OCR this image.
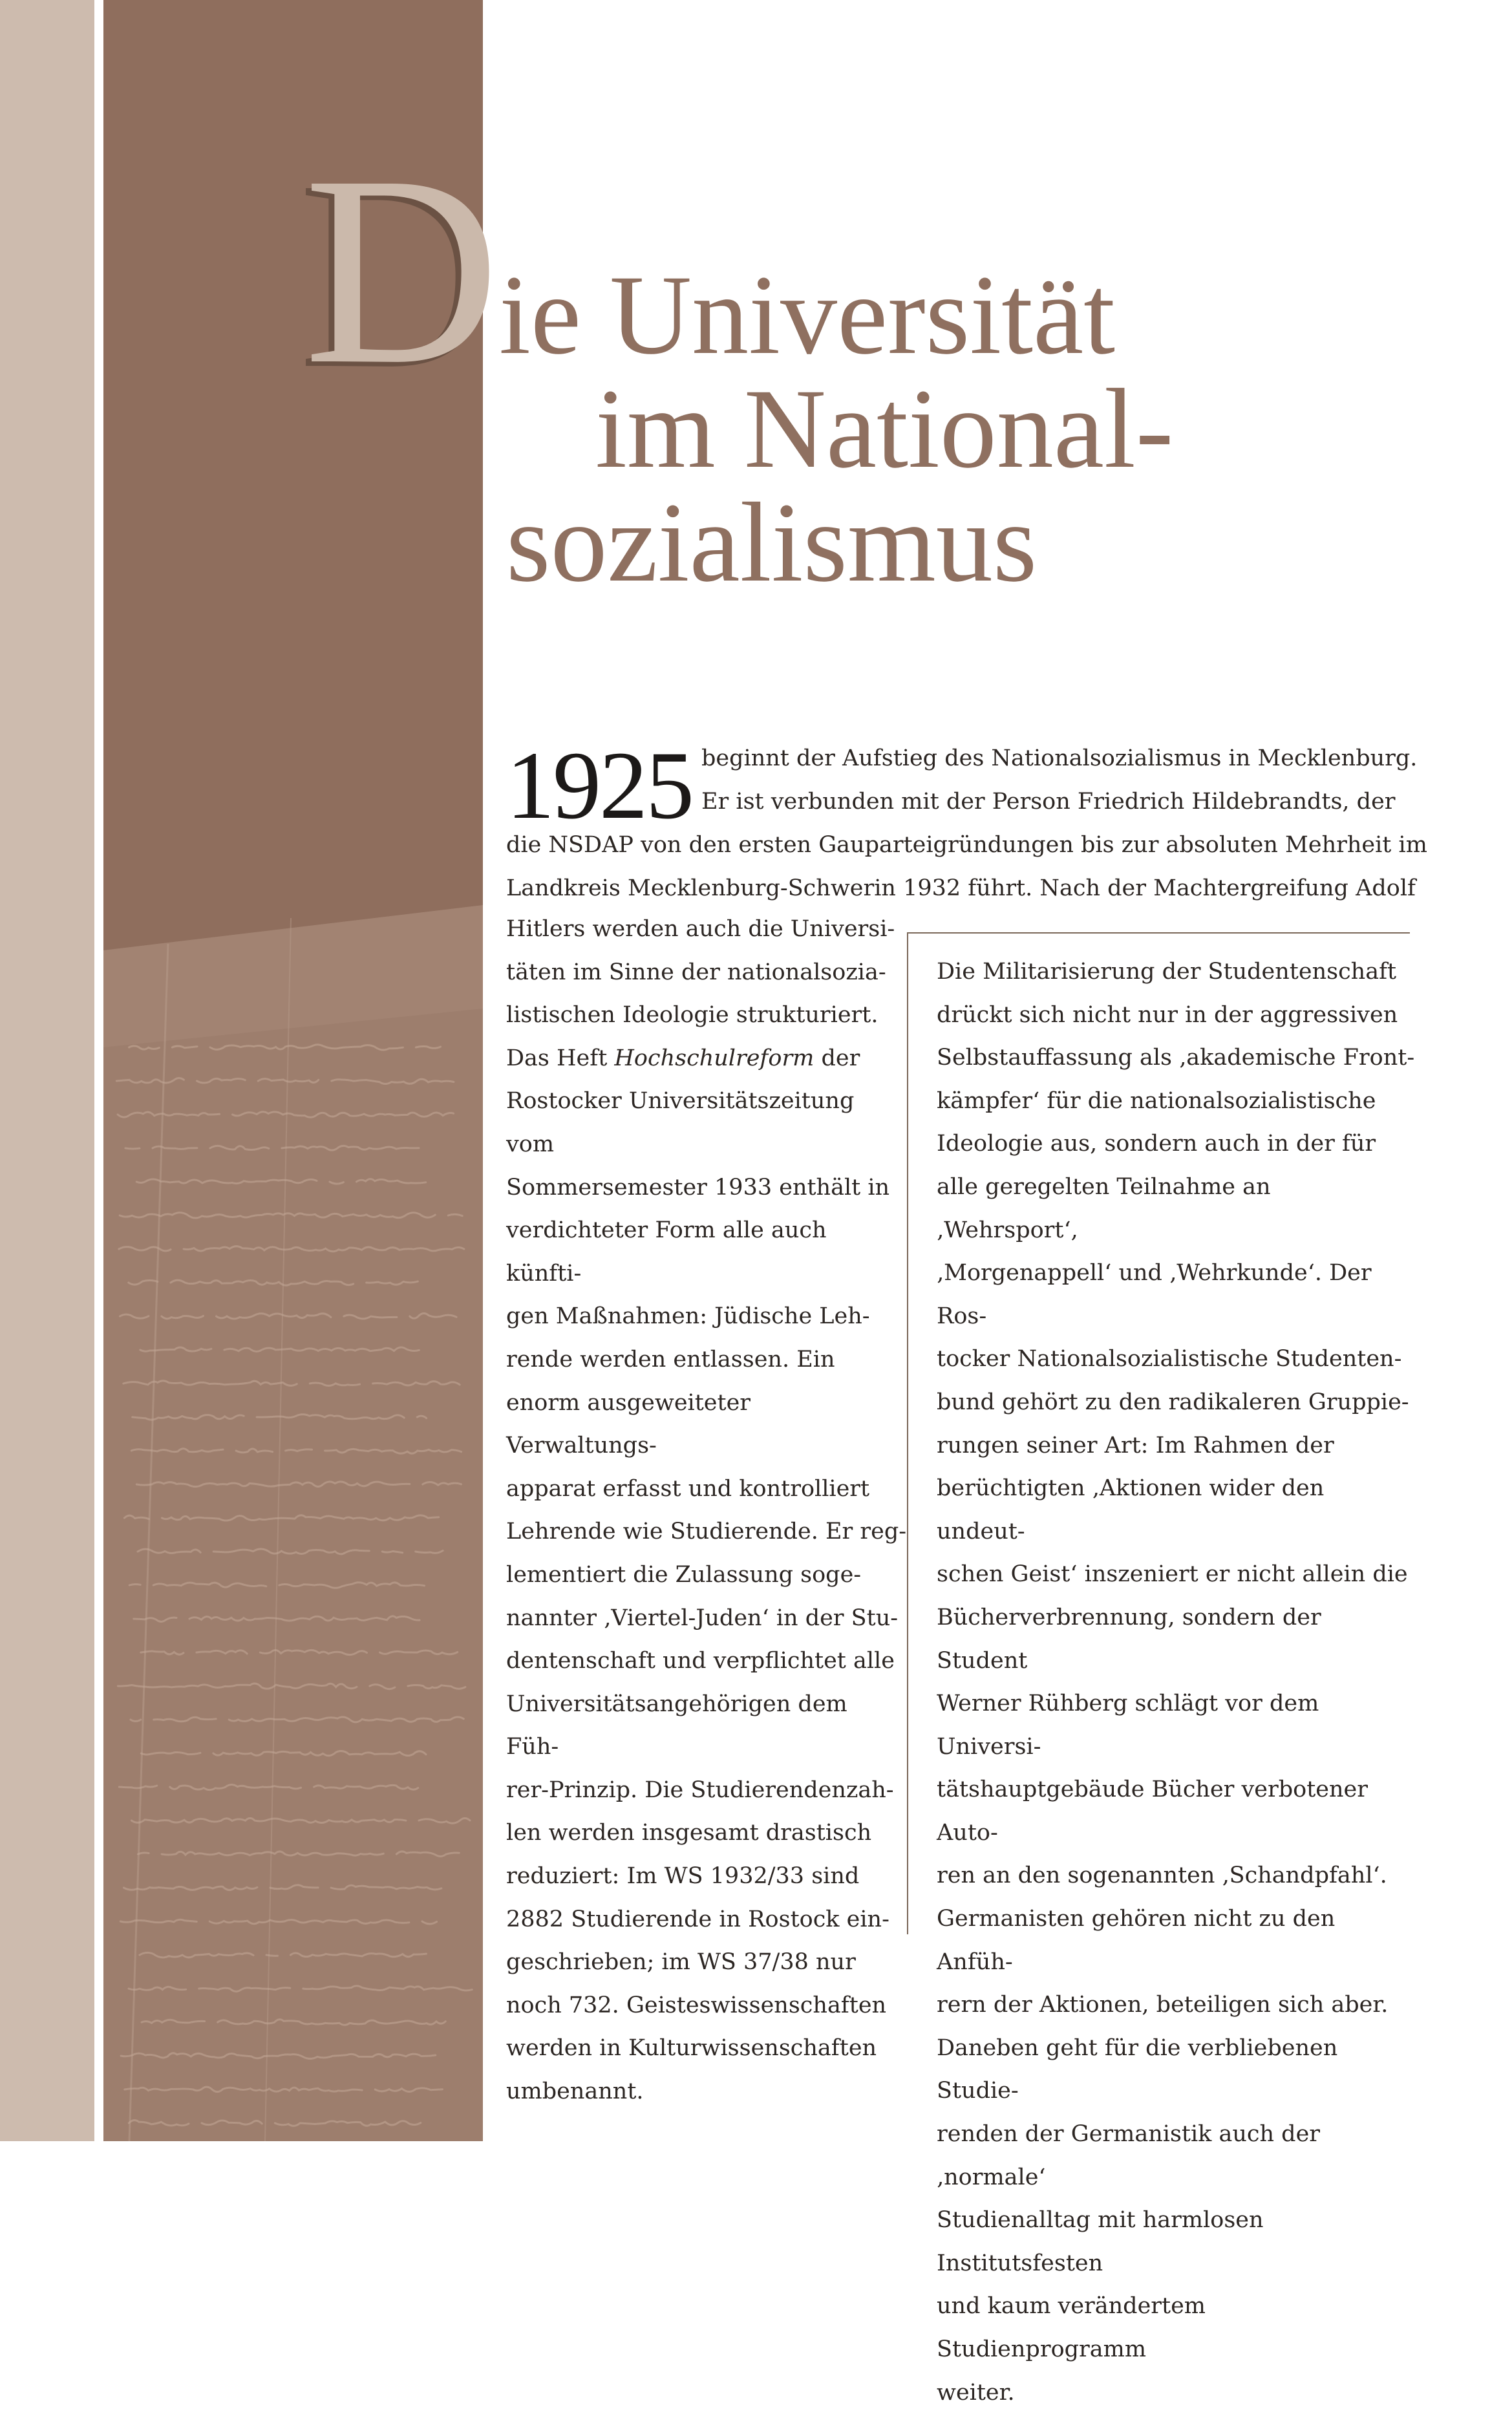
D
ie Universität
im National-
sozialismus
1925 beginnt der Aufstieg des Nationalsozialismus in Mecklenburg.
Er ist verbunden mit der Person Friedrich Hildebrandts, der
die NSDAP von den ersten Gauparteigründungen bis zur absoluten Mehrheit im
Landkreis Mecklenburg-Schwerin 1932 führt. Nach der Machtergreifung Adolf
Hitlers werden auch die Universi-
täten im Sinne der nationalsozia-
listischen Ideologie strukturiert.
Das Heft Hochschulreform der
Rostocker Universitätszeitung vom
Sommersemester 1933 enthält in
verdichteter Form alle auch künfti-
gen Maßnahmen: Jüdische Leh-
rende werden entlassen. Ein
enorm ausgeweiteter Verwaltungs-
apparat erfasst und kontrolliert
Lehrende wie Studierende. Er reg-
lementiert die Zulassung soge-
nannter ‚Viertel-Juden‘ in der Stu-
dentenschaft und verpflichtet alle
Universitätsangehörigen dem Füh-
rer-Prinzip. Die Studierendenzah-
len werden insgesamt drastisch
reduziert: Im WS 1932/33 sind
2882 Studierende in Rostock ein-
geschrieben; im WS 37/38 nur
noch 732. Geisteswissenschaften
werden in Kulturwissenschaften
umbenannt.
Die Militarisierung der Studentenschaft
drückt sich nicht nur in der aggressiven
Selbstauffassung als ‚akademische Front-
kämpfer‘ für die nationalsozialistische
Ideologie aus, sondern auch in der für
alle geregelten Teilnahme an ‚Wehrsport‘,
‚Morgenappell‘ und ‚Wehrkunde‘. Der Ros-
tocker Nationalsozialistische Studenten-
bund gehört zu den radikaleren Gruppie-
rungen seiner Art: Im Rahmen der
berüchtigten ‚Aktionen wider den undeut-
schen Geist‘ inszeniert er nicht allein die
Bücherverbrennung, sondern der Student
Werner Rühberg schlägt vor dem Universi-
tätshauptgebäude Bücher verbotener Auto-
ren an den sogenannten ‚Schandpfahl‘.
Germanisten gehören nicht zu den Anfüh-
rern der Aktionen, beteiligen sich aber.
Daneben geht für die verbliebenen Studie-
renden der Germanistik auch der ‚normale‘
Studienalltag mit harmlosen Institutsfesten
und kaum verändertem Studienprogramm
weiter.
